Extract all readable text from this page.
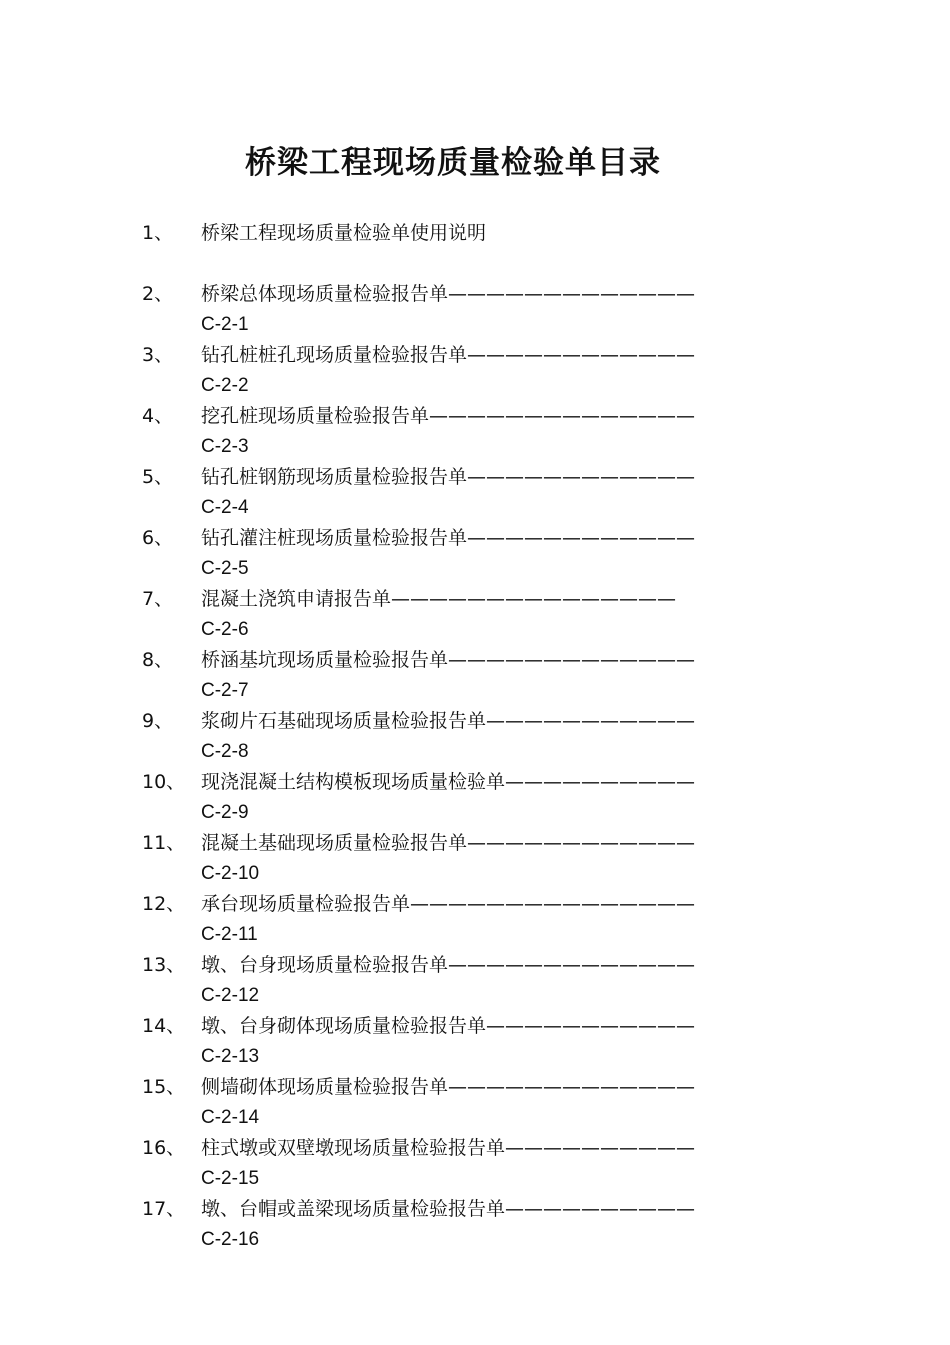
桥梁工程现场质量检验单目录
1、	桥梁工程现场质量检验单使用说明
2、	桥梁总体现场质量检验报告单—————————————
C-2-1
3、	钻孔桩桩孔现场质量检验报告单————————————
C-2-2
4、	挖孔桩现场质量检验报告单——————————————
C-2-3
5、	钻孔桩钢筋现场质量检验报告单————————————
C-2-4
6、	钻孔灌注桩现场质量检验报告单————————————
C-2-5
7、	混凝土浇筑申请报告单———————————————
C-2-6
8、	桥涵基坑现场质量检验报告单—————————————
C-2-7
9、	浆砌片石基础现场质量检验报告单———————————
C-2-8
10、 现浇混凝土结构模板现场质量检验单——————————
C-2-9
11、 混凝土基础现场质量检验报告单————————————
C-2-10
12、 承台现场质量检验报告单———————————————
C-2-11
13、 墩、台身现场质量检验报告单—————————————
C-2-12
14、 墩、台身砌体现场质量检验报告单———————————
C-2-13
15、 侧墙砌体现场质量检验报告单—————————————
C-2-14
16、 柱式墩或双壁墩现场质量检验报告单——————————
C-2-15
17、 墩、台帽或盖梁现场质量检验报告单——————————
C-2-16
